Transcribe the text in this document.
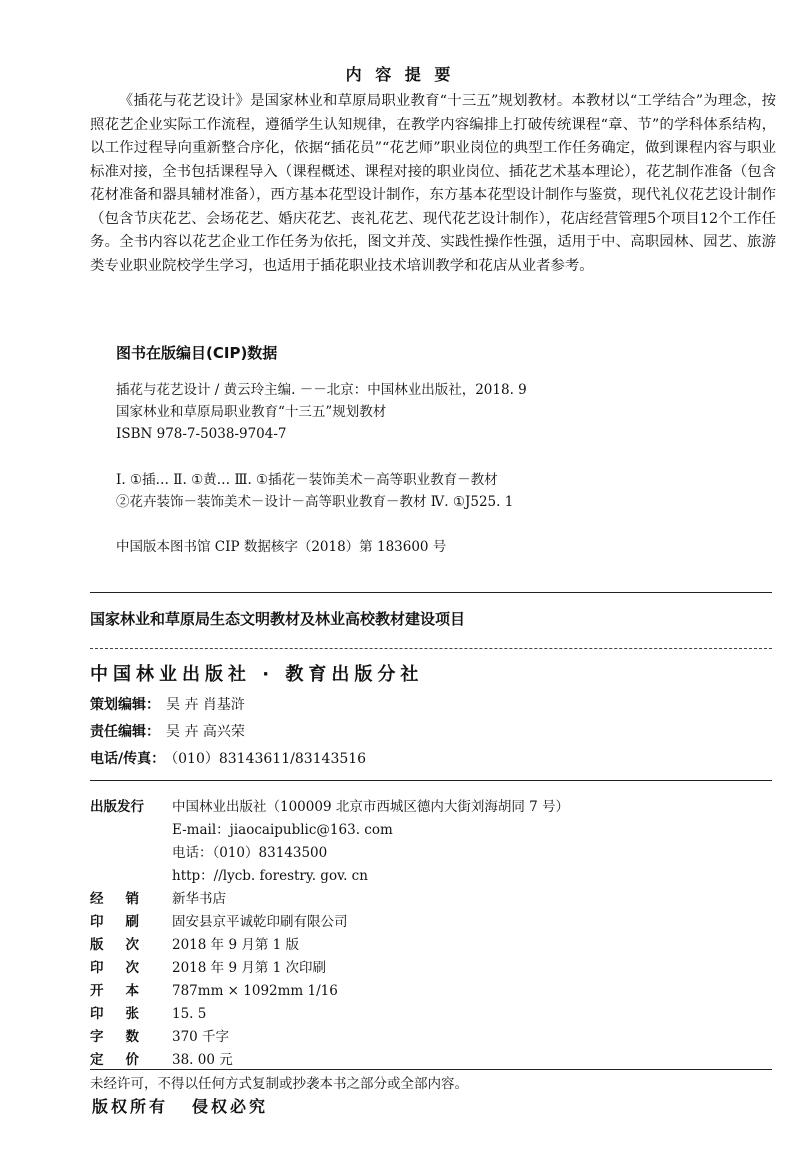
内 容 提 要

《插花与花艺设计》是国家林业和草原局职业教育“十三五”规划教材。本教材以“工学结合”为理念，按照花艺企业实际工作流程，遵循学生认知规律，在教学内容编排上打破传统课程“章、节”的学科体系结构，以工作过程导向重新整合序化，依据“插花员”“花艺师”职业岗位的典型工作任务确定，做到课程内容与职业标准对接，全书包括课程导入（课程概述、课程对接的职业岗位、插花艺术基本理论），花艺制作准备（包含花材准备和器具辅材准备），西方基本花型设计制作，东方基本花型设计制作与鉴赏，现代礼仪花艺设计制作（包含节庆花艺、会场花艺、婚庆花艺、丧礼花艺、现代花艺设计制作），花店经营管理5个项目12个工作任务。全书内容以花艺企业工作任务为依托，图文并茂、实践性操作性强，适用于中、高职园林、园艺、旅游类专业职业院校学生学习，也适用于插花职业技术培训教学和花店从业者参考。

图书在版编目(CIP)数据
插花与花艺设计 / 黄云玲主编. －－北京：中国林业出版社，2018. 9
国家林业和草原局职业教育“十三五”规划教材
ISBN 978-7-5038-9704-7
Ⅰ. ①插… Ⅱ. ①黄… Ⅲ. ①插花－装饰美术－高等职业教育－教材
②花卉装饰－装饰美术－设计－高等职业教育－教材 Ⅳ. ①J525. 1
中国版本图书馆 CIP 数据核字（2018）第 183600 号
国家林业和草原局生态文明教材及林业高校教材建设项目
中国林业出版社 · 教育出版分社
策划编辑： 吴 卉 肖基浒
责任编辑： 吴 卉 高兴荣
电话/传真： （010）83143611/83143516
出版发行 中国林业出版社（100009 北京市西城区德内大街刘海胡同 7 号）
E-mail：jiaocaipublic@163. com
电话：（010）83143500
http：//lycb. forestry. gov. cn
经销 新华书店
印刷 固安县京平诚乾印刷有限公司
版次 2018 年 9 月第 1 版
印次 2018 年 9 月第 1 次印刷
开本 787mm × 1092mm 1/16
印张 15. 5
字数 370 千字
定价 38. 00 元
未经许可，不得以任何方式复制或抄袭本书之部分或全部内容。
版权所有 侵权必究
